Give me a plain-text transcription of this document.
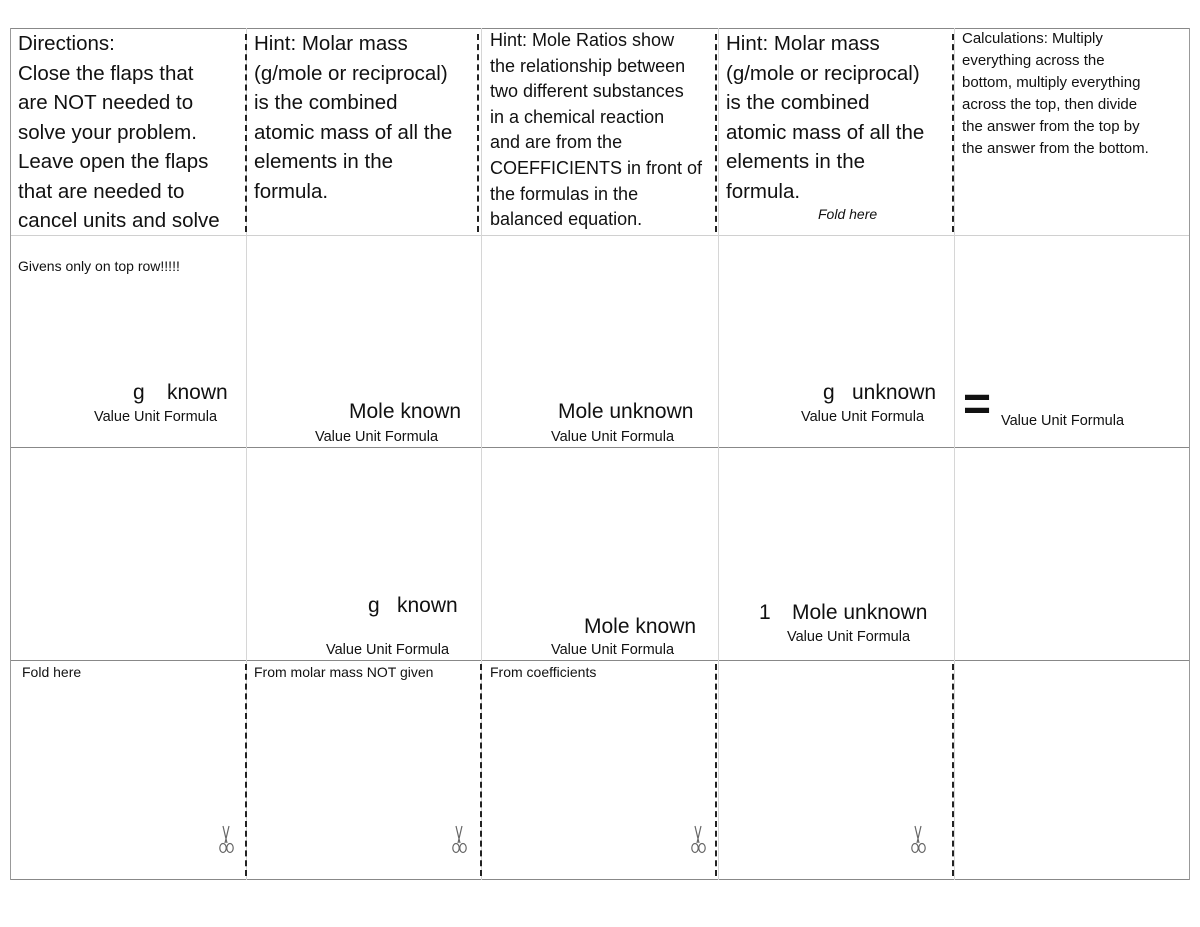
Directions:
Close the flaps that
are NOT needed to
solve your problem.
Leave open the flaps
that are needed to
cancel units and solve
Hint: Molar mass
(g/mole or reciprocal)
is the combined
atomic mass of all the
elements in the
formula.
Hint: Mole Ratios show
the relationship between
two different substances
in a chemical reaction
and are from the
COEFFICIENTS in front of
the formulas in the
balanced equation.
Hint: Molar mass
(g/mole or reciprocal)
is the combined
atomic mass of all the
elements in the
formula.
Fold here
Calculations: Multiply
everything across the
bottom, multiply everything
across the top, then divide
the answer from the top by
the answer from the bottom.
Givens only on top row!!!!!
g known
Value Unit Formula	Mole known
Value Unit Formula
Mole unknown
Value Unit Formula
g unknown
Value Unit Formula = Value Unit Formula
g known
Value Unit Formula
Mole known
Value Unit Formula
1 Mole unknown
Value Unit Formula
Fold here	From molar mass NOT given	From coefficients
